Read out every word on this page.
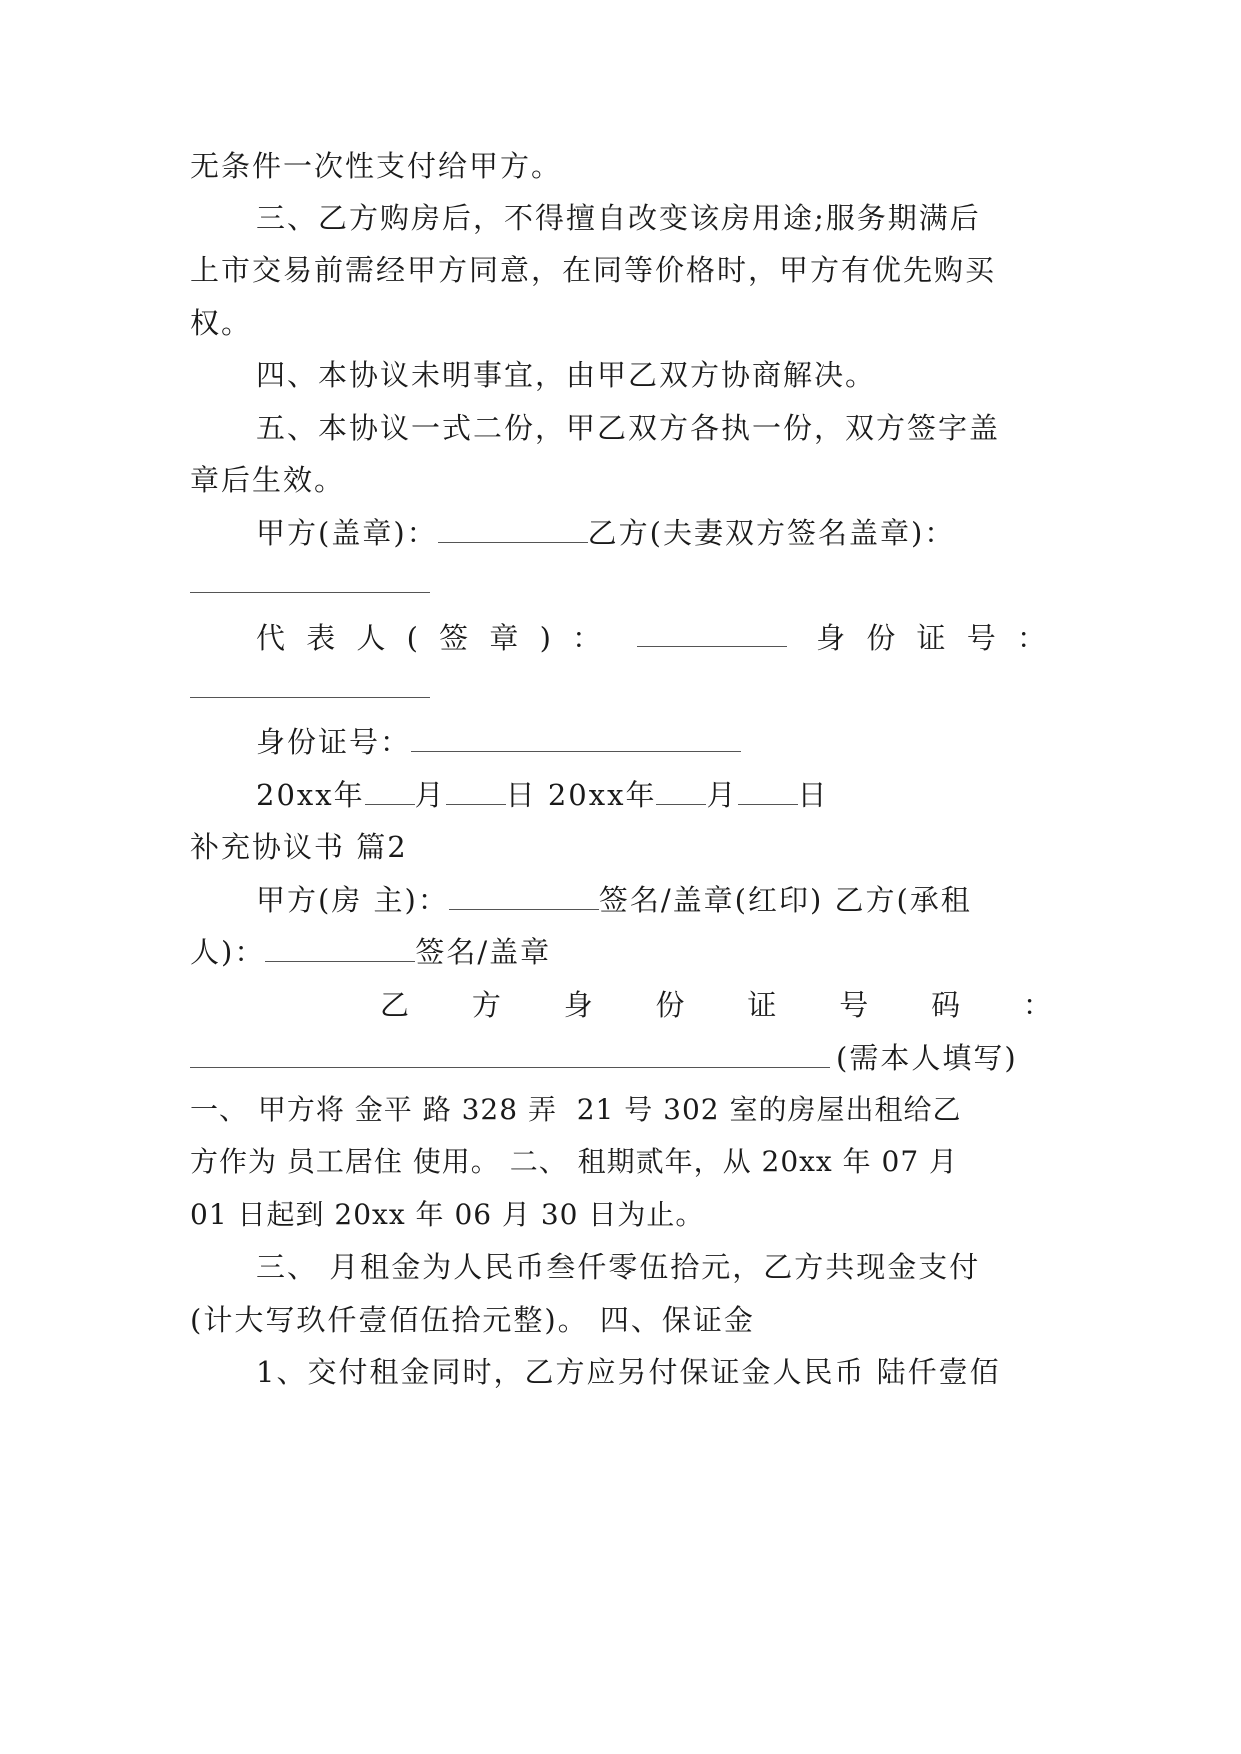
无条件一次性支付给甲方。

三、乙方购房后，不得擅自改变该房用途;服务期满后

上市交易前需经甲方同意，在同等价格时，甲方有优先购买

权。

四、本协议未明事宜，由甲乙双方协商解决。

五、本协议一式二份，甲乙双方各执一份，双方签字盖

章后生效。

甲方(盖章)：	乙方(夫妻双方签名盖章)：

代 表 人 ( 签 章 ) ：	身 份 证 号 ：

身份证号：

20xx年 月 日 20xx年 月 日

补充协议书 篇2

甲方(房 主)：	签名/盖章(红印) 乙方(承租

人)：	签名/盖章

乙 方 身 份 证 号 码 ：

(需本人填写)

一、 甲方将 金平 路 328 弄  21 号 302 室的房屋出租给乙

方作为 员工居住 使用。 二、 租期贰年，从 20xx 年 07 月

01 日起到 20xx 年 06 月 30 日为止。

三、 月租金为人民币叁仟零伍拾元，乙方共现金支付

(计大写玖仟壹佰伍拾元整)。 四、保证金

1、交付租金同时，乙方应另付保证金人民币 陆仟壹佰
